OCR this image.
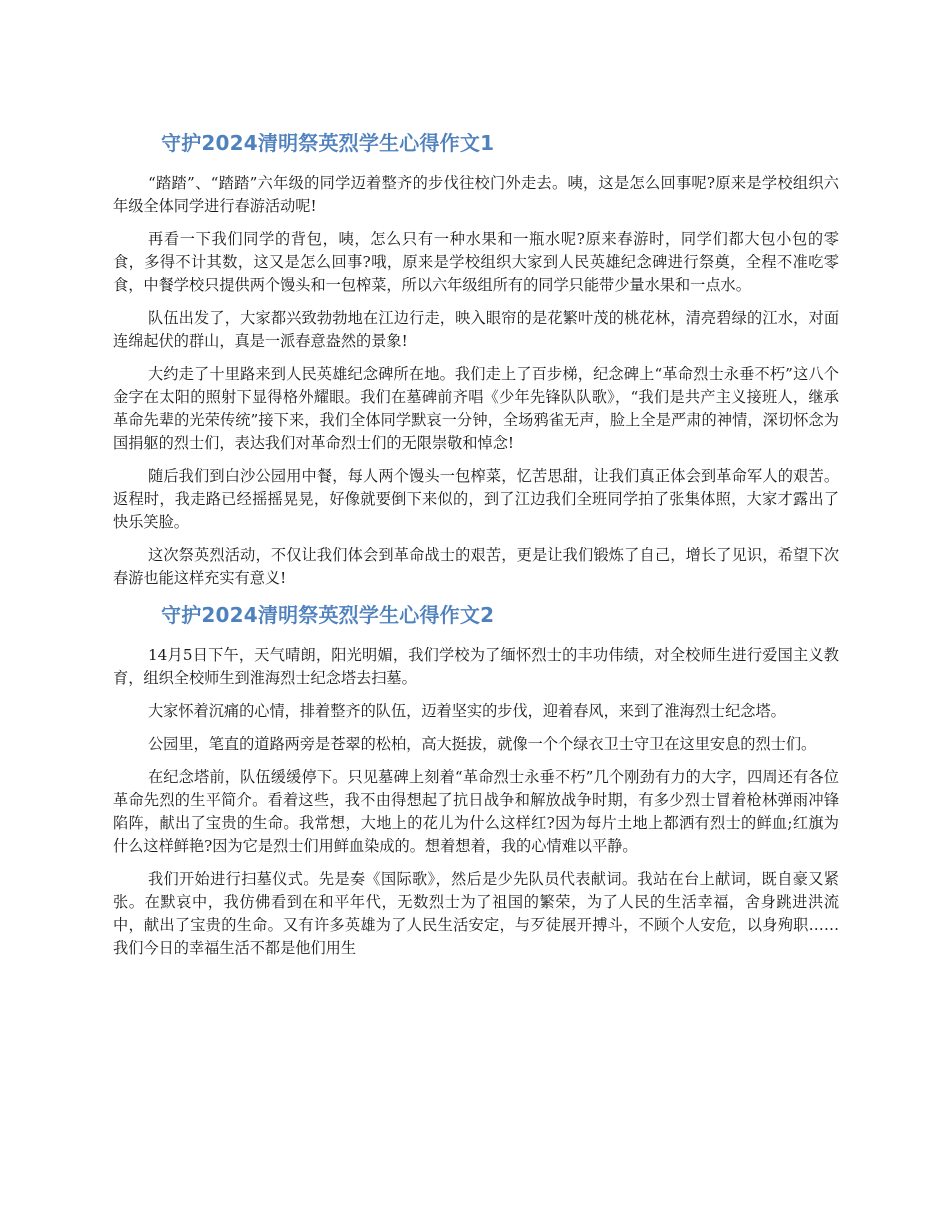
守护2024清明祭英烈学生心得作文1

“踏踏”、“踏踏”六年级的同学迈着整齐的步伐往校门外走去。咦，这是怎么回事呢?原来是学校组织六年级全体同学进行春游活动呢!

再看一下我们同学的背包，咦，怎么只有一种水果和一瓶水呢?原来春游时，同学们都大包小包的零食，多得不计其数，这又是怎么回事?哦，原来是学校组织大家到人民英雄纪念碑进行祭奠，全程不准吃零食，中餐学校只提供两个馒头和一包榨菜，所以六年级组所有的同学只能带少量水果和一点水。

队伍出发了，大家都兴致勃勃地在江边行走，映入眼帘的是花繁叶茂的桃花林，清亮碧绿的江水，对面连绵起伏的群山，真是一派春意盎然的景象!

大约走了十里路来到人民英雄纪念碑所在地。我们走上了百步梯，纪念碑上“革命烈士永垂不朽”这八个金字在太阳的照射下显得格外耀眼。我们在墓碑前齐唱《少年先锋队队歌》，“我们是共产主义接班人，继承革命先辈的光荣传统”接下来，我们全体同学默哀一分钟，全场鸦雀无声，脸上全是严肃的神情，深切怀念为国捐躯的烈士们，表达我们对革命烈士们的无限崇敬和悼念!

随后我们到白沙公园用中餐，每人两个馒头一包榨菜，忆苦思甜，让我们真正体会到革命军人的艰苦。返程时，我走路已经摇摇晃晃，好像就要倒下来似的，到了江边我们全班同学拍了张集体照，大家才露出了快乐笑脸。

这次祭英烈活动，不仅让我们体会到革命战士的艰苦，更是让我们锻炼了自己，增长了见识，希望下次春游也能这样充实有意义!

守护2024清明祭英烈学生心得作文2

14月5日下午，天气晴朗，阳光明媚，我们学校为了缅怀烈士的丰功伟绩，对全校师生进行爱国主义教育，组织全校师生到淮海烈士纪念塔去扫墓。

大家怀着沉痛的心情，排着整齐的队伍，迈着坚实的步伐，迎着春风，来到了淮海烈士纪念塔。

公园里，笔直的道路两旁是苍翠的松柏，高大挺拔，就像一个个绿衣卫士守卫在这里安息的烈士们。

在纪念塔前，队伍缓缓停下。只见墓碑上刻着“革命烈士永垂不朽”几个刚劲有力的大字，四周还有各位革命先烈的生平简介。看着这些，我不由得想起了抗日战争和解放战争时期，有多少烈士冒着枪林弹雨冲锋陷阵，献出了宝贵的生命。我常想，大地上的花儿为什么这样红?因为每片土地上都洒有烈士的鲜血;红旗为什么这样鲜艳?因为它是烈士们用鲜血染成的。想着想着，我的心情难以平静。

我们开始进行扫墓仪式。先是奏《国际歌》，然后是少先队员代表献词。我站在台上献词，既自豪又紧张。在默哀中，我仿佛看到在和平年代，无数烈士为了祖国的繁荣，为了人民的生活幸福，舍身跳进洪流中，献出了宝贵的生命。又有许多英雄为了人民生活安定，与歹徒展开搏斗，不顾个人安危，以身殉职……我们今日的幸福生活不都是他们用生
